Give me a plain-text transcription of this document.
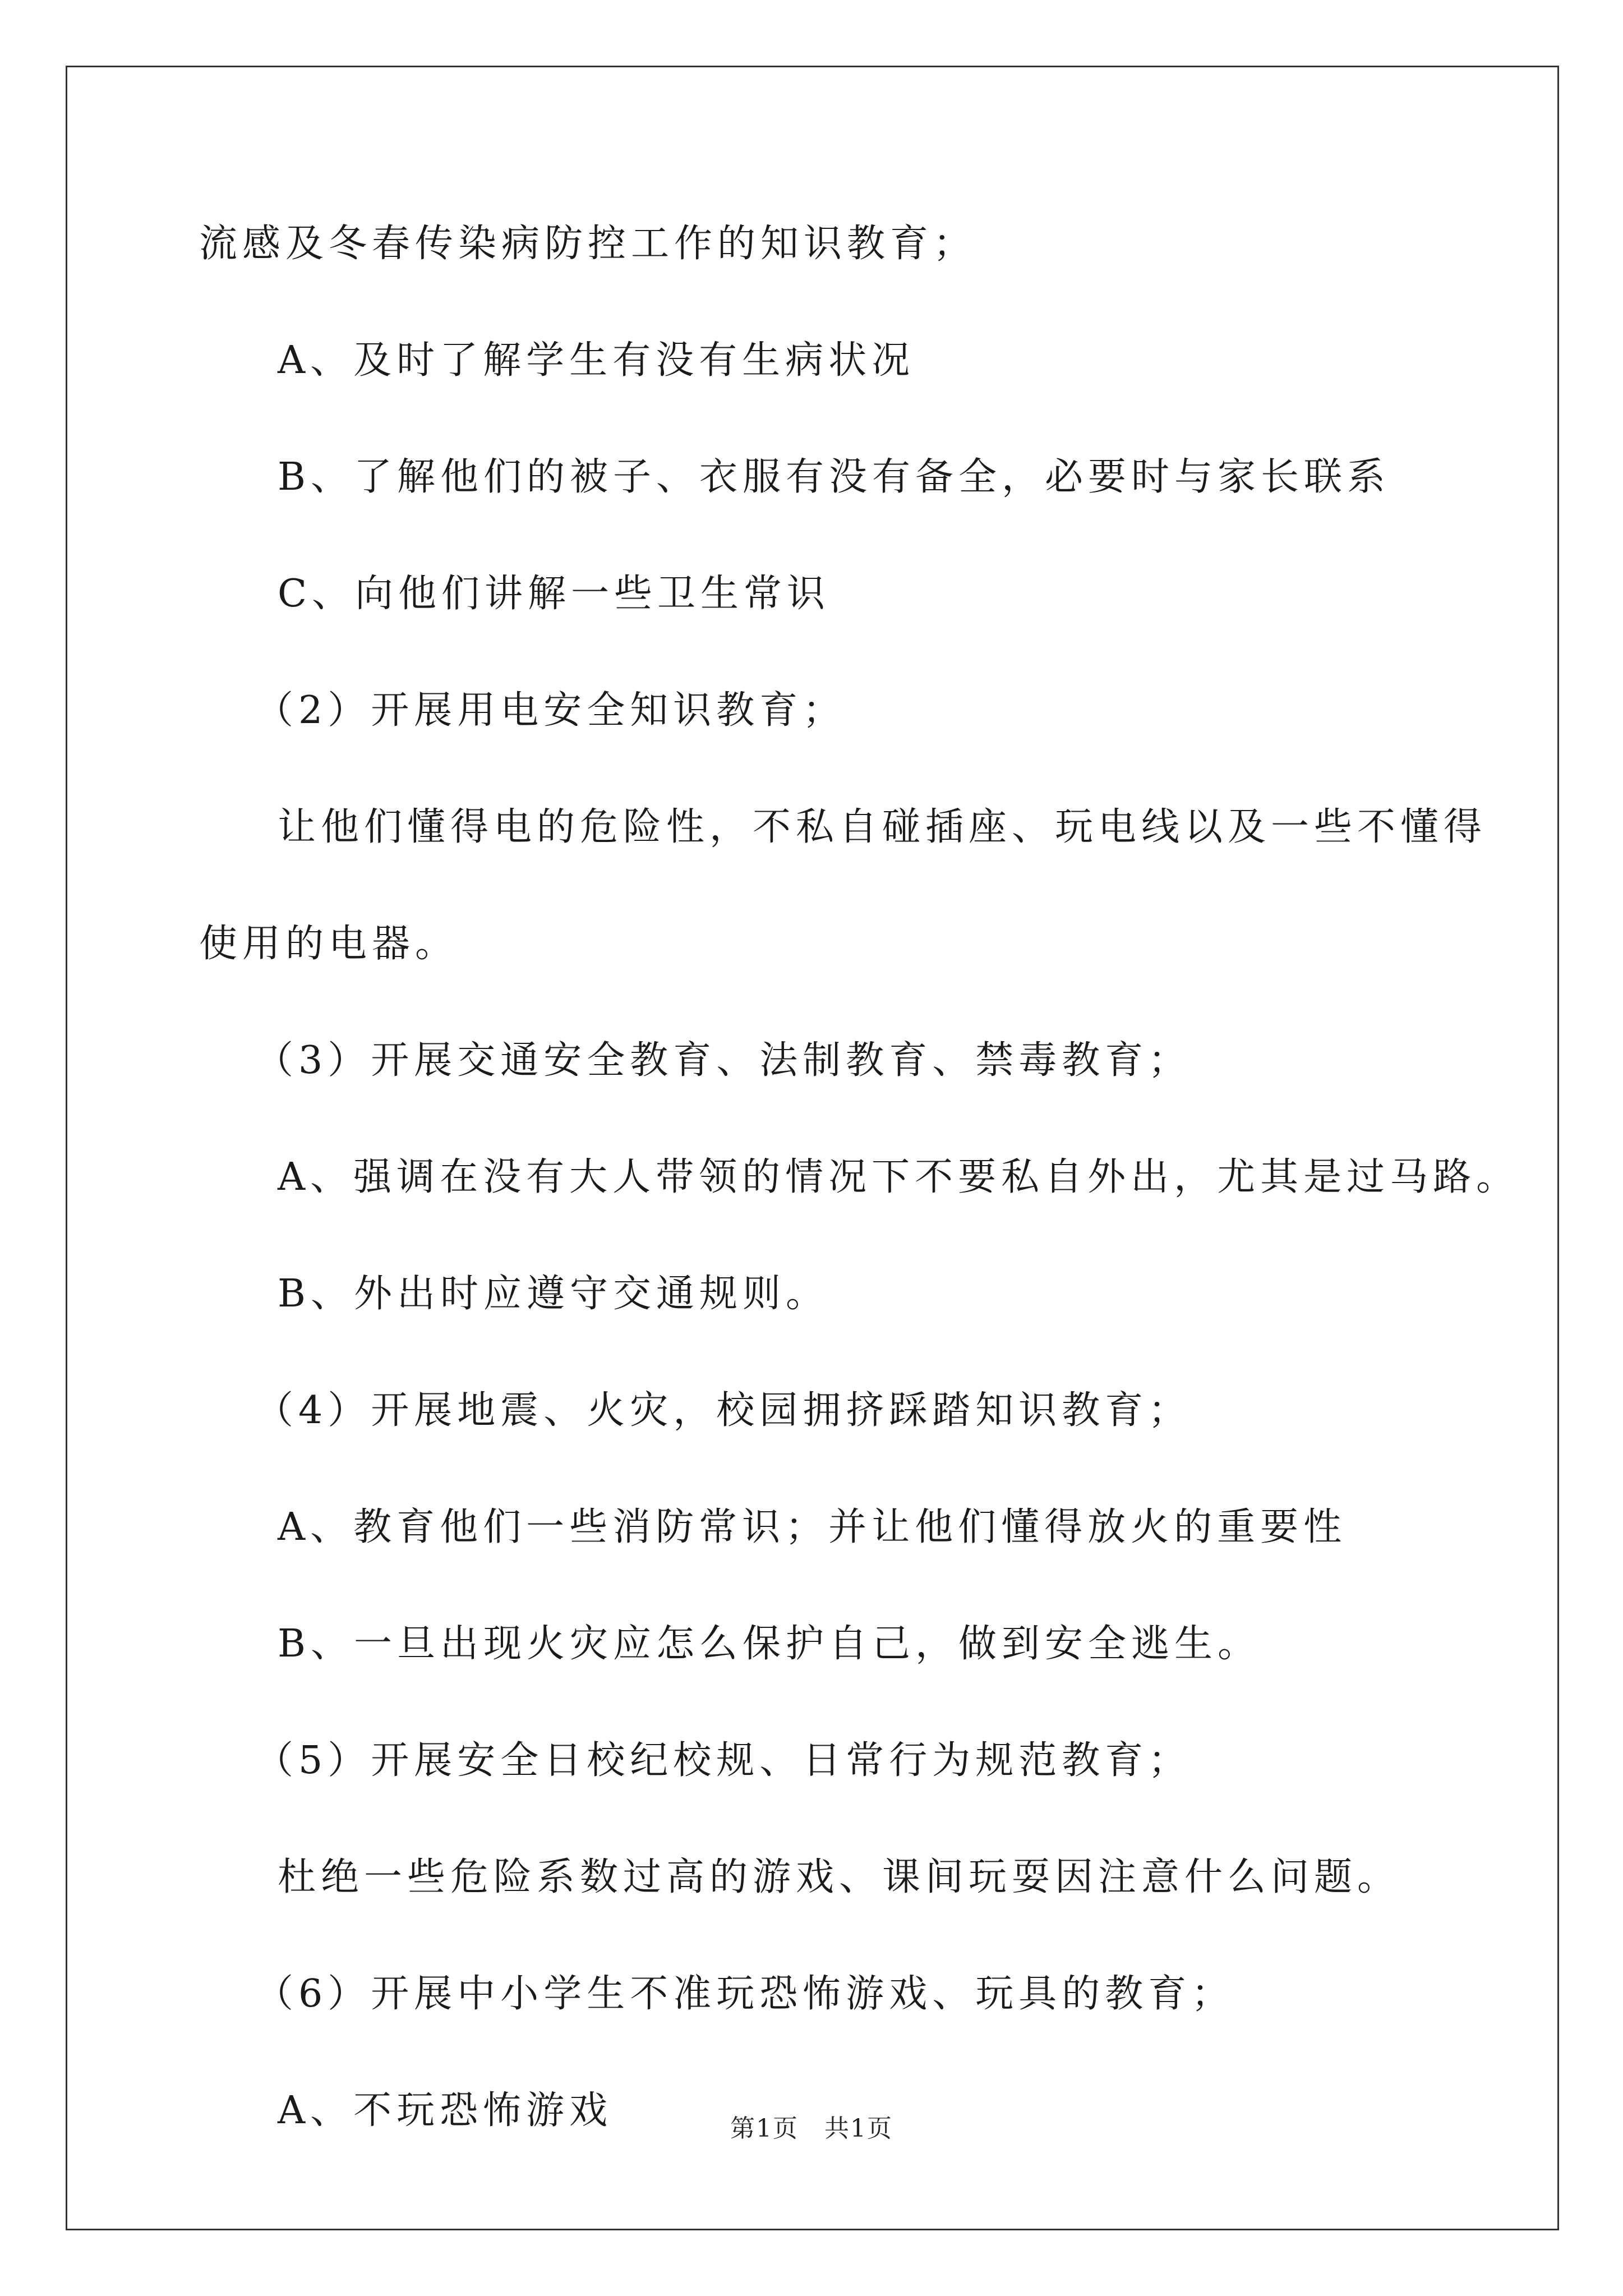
流感及冬春传染病防控工作的知识教育；
A、及时了解学生有没有生病状况
B、了解他们的被子、衣服有没有备全，必要时与家长联系
C、向他们讲解一些卫生常识
（2）开展用电安全知识教育；
让他们懂得电的危险性，不私自碰插座、玩电线以及一些不懂得
使用的电器。
（3）开展交通安全教育、法制教育、禁毒教育；
A、强调在没有大人带领的情况下不要私自外出，尤其是过马路。
B、外出时应遵守交通规则。
（4）开展地震、火灾，校园拥挤踩踏知识教育；
A、教育他们一些消防常识；并让他们懂得放火的重要性
B、一旦出现火灾应怎么保护自己，做到安全逃生。
（5）开展安全日校纪校规、日常行为规范教育；
杜绝一些危险系数过高的游戏、课间玩耍因注意什么问题。
（6）开展中小学生不准玩恐怖游戏、玩具的教育；
A、不玩恐怖游戏	第1页　共1页
